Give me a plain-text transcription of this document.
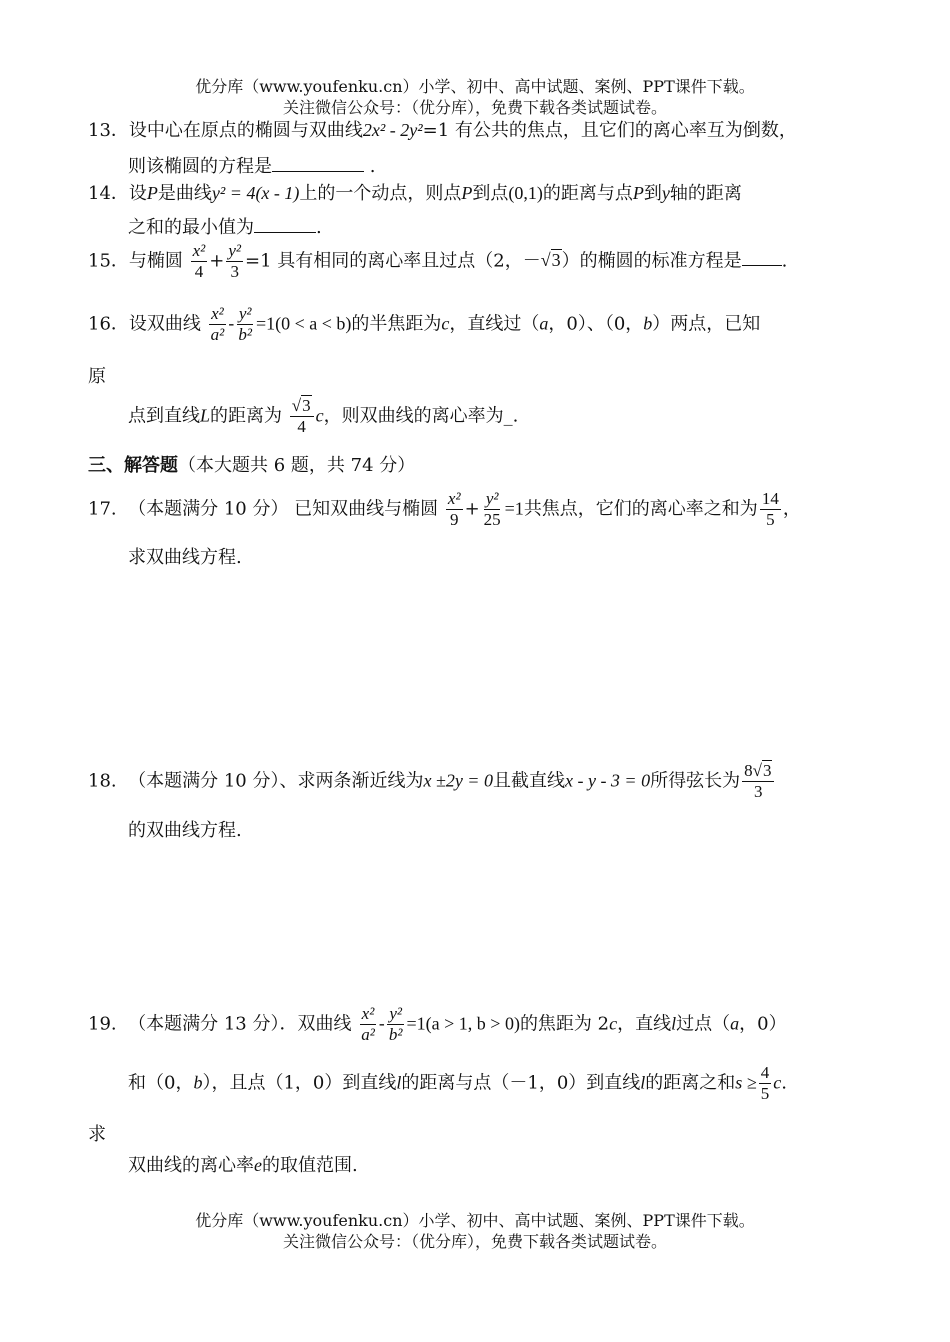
优分库（www.youfenku.cn）小学、初中、高中试题、案例、PPT课件下载。
关注微信公众号：（优分库），免费下载各类试题试卷。
13．设中心在原点的椭圆与双曲线2x² - 2y²=1 有公共的焦点，且它们的离心率互为倒数，
则该椭圆的方程是	.
14．设P是曲线y² = 4(x - 1)上的一个动点，则点P到点(0,1)的距离与点P到y轴的距离
之和的最小值为	.
15．与椭圆 $\frac{\text{x²}}{4} + \frac{\text{y²}}{3} =1$ 具有相同的离心率且过点（2，－√3）的椭圆的标准方程是 .
16．设双曲线 $\frac{\text{x²}}{\text{a²}} - \frac{\text{y²}}{\text{b²}} =1(0 < a < b)$的半焦距为c，直线过（a，0）、（0，b）两点，已知
原
点到直线L的距离为 $\frac{√3}{4}$ c，则双曲线的离心率为_.
三、解答题（本大题共 6 题，共 74 分）
17. （本题满分 10 分） 已知双曲线与椭圆 $\frac{\text{x²}}{9} + \frac{\text{y²}}{25} =1$共焦点，它们的离心率之和为 $\frac{14}{5}$ ，
求双曲线方程.
18. （本题满分 10 分）、求两条渐近线为x ±2y = 0且截直线x - y - 3 = 0所得弦长为 $\frac{8√3}{3}$
的双曲线方程.
19. （本题满分 13 分）．双曲线 $\frac{\text{x²}}{\text{a²}} - \frac{\text{y²}}{\text{b²}} =1(a > 1$, b > 0)的焦距为 2c，直线l过点（a，0）
和（0，b），且点（1，0）到直线l的距离与点（－1，0）到直线l的距离之和$s \ge \frac{4}{5} c$.
求
双曲线的离心率e的取值范围.
优分库（www.youfenku.cn）小学、初中、高中试题、案例、PPT课件下载。
关注微信公众号：（优分库），免费下载各类试题试卷。
